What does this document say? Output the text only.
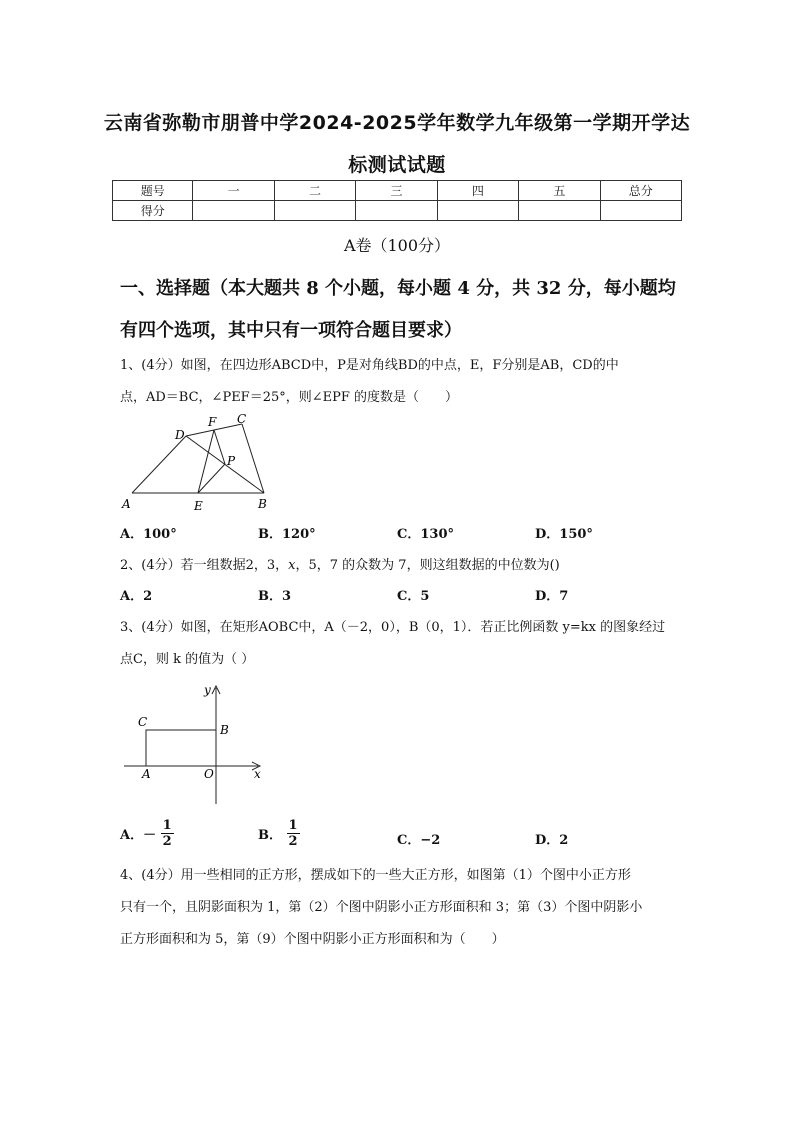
云南省弥勒市朋普中学2024-2025学年数学九年级第一学期开学达
标测试试题
题号	一	二	三	四	五	总分
得分						
A卷（100分）
一、选择题（本大题共 8 个小题，每小题 4 分，共 32 分，每小题均
有四个选项，其中只有一项符合题目要求）
1、(4分）如图，在四边形ABCD中，P是对角线BD的中点，E，F分别是AB，CD的中
点，AD＝BC，∠PEF＝25°，则∠EPF 的度数是（　　）
A	B
C
D
E
F
P
A．100°	B．120°	C．130°	D．150°
2、(4分）若一组数据2，3，x，5，7 的众数为 7，则这组数据的中位数为()
A．2	B．3	C．5	D．7
3、(4分）如图，在矩形AOBC中，A（－2，0），B（0，1）．若正比例函数 y=kx 的图象经过
点C，则 k 的值为（ ）
y
x
C
B
A	O
A．－ $\frac{1}{2}$	B． $\frac{1}{2}$	C．−2	D．2
4、(4分）用一些相同的正方形，摆成如下的一些大正方形，如图第（1）个图中小正方形
只有一个，且阴影面积为 1，第（2）个图中阴影小正方形面积和 3；第（3）个图中阴影小
正方形面积和为 5，第（9）个图中阴影小正方形面积和为（　　）
